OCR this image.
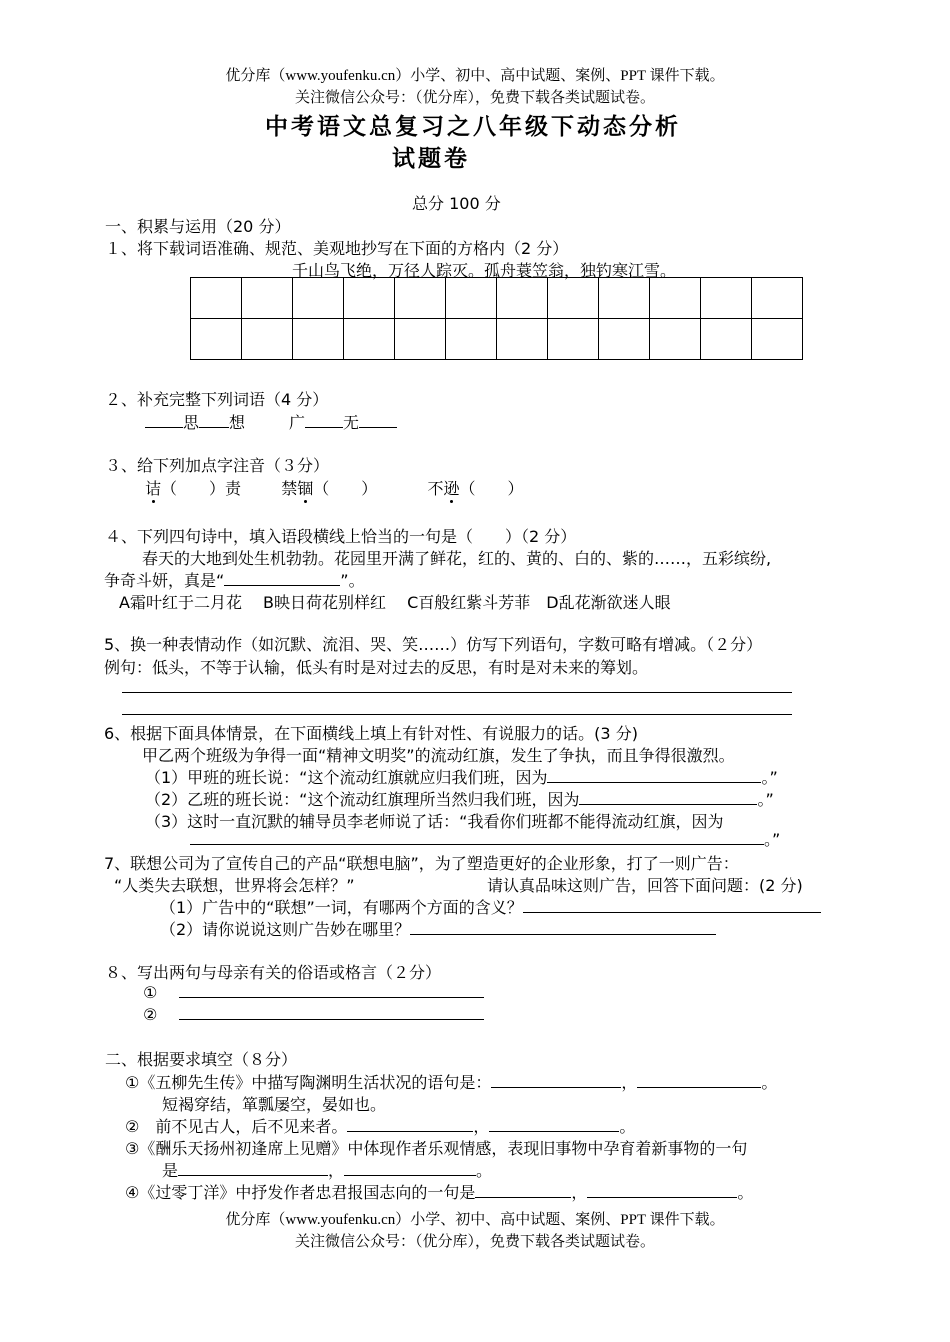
优分库（www.youfenku.cn）小学、初中、高中试题、案例、PPT 课件下载。
关注微信公众号：（优分库），免费下载各类试题试卷。
中考语文总复习之八年级下动态分析
试题卷
总分 100 分
一、积累与运用（20 分）
１、将下载词语准确、规范、美观地抄写在下面的方格内（2 分）
千山鸟飞绝，万径人踪灭。孤舟蓑笠翁，独钓寒江雪。

２、补充完整下列词语（4 分）
思 想	广 无
３、给下列加点字注音（３分）
诘（　　）责	禁锢（　　）	不逊（　　）
４、下列四句诗中，填入语段横线上恰当的一句是（　　）（2 分）
春天的大地到处生机勃勃。花园里开满了鲜花，红的、黄的、白的、紫的……，五彩缤纷,
争奇斗妍，真是“	”。
A霜叶红于二月花　 B映日荷花别样红　 C百般红紫斗芳菲　D乱花渐欲迷人眼
5、换一种表情动作（如沉默、流泪、哭、笑……）仿写下列语句，字数可略有增减。（２分）
例句：低头，不等于认输，低头有时是对过去的反思，有时是对未来的筹划。
6、根据下面具体情景，在下面横线上填上有针对性、有说服力的话。(3 分)
甲乙两个班级为争得一面“精神文明奖”的流动红旗，发生了争执，而且争得很激烈。
（1）甲班的班长说：“这个流动红旗就应归我们班，因为	。”
（2）乙班的班长说：“这个流动红旗理所当然归我们班，因为	。”
（3）这时一直沉默的辅导员李老师说了话：“我看你们班都不能得流动红旗，因为
。”
7、联想公司为了宣传自己的产品“联想电脑”，为了塑造更好的企业形象，打了一则广告：
“人类失去联想，世界将会怎样？”	请认真品味这则广告，回答下面问题：(2 分)
（1）广告中的“联想”一词，有哪两个方面的含义？
（2）请你说说这则广告妙在哪里？
８、写出两句与母亲有关的俗语或格言（２分）
①
②
二、根据要求填空（８分）
①《五柳先生传》中描写陶渊明生活状况的语句是：	，	。
短褐穿结，箪瓢屡空，晏如也。
②　前不见古人，后不见来者。	，	。
③《酬乐天扬州初逢席上见赠》中体现作者乐观情感，表现旧事物中孕育着新事物的一句
是	，	。
④《过零丁洋》中抒发作者忠君报国志向的一句是	，	。
优分库（www.youfenku.cn）小学、初中、高中试题、案例、PPT 课件下载。
关注微信公众号：（优分库），免费下载各类试题试卷。
